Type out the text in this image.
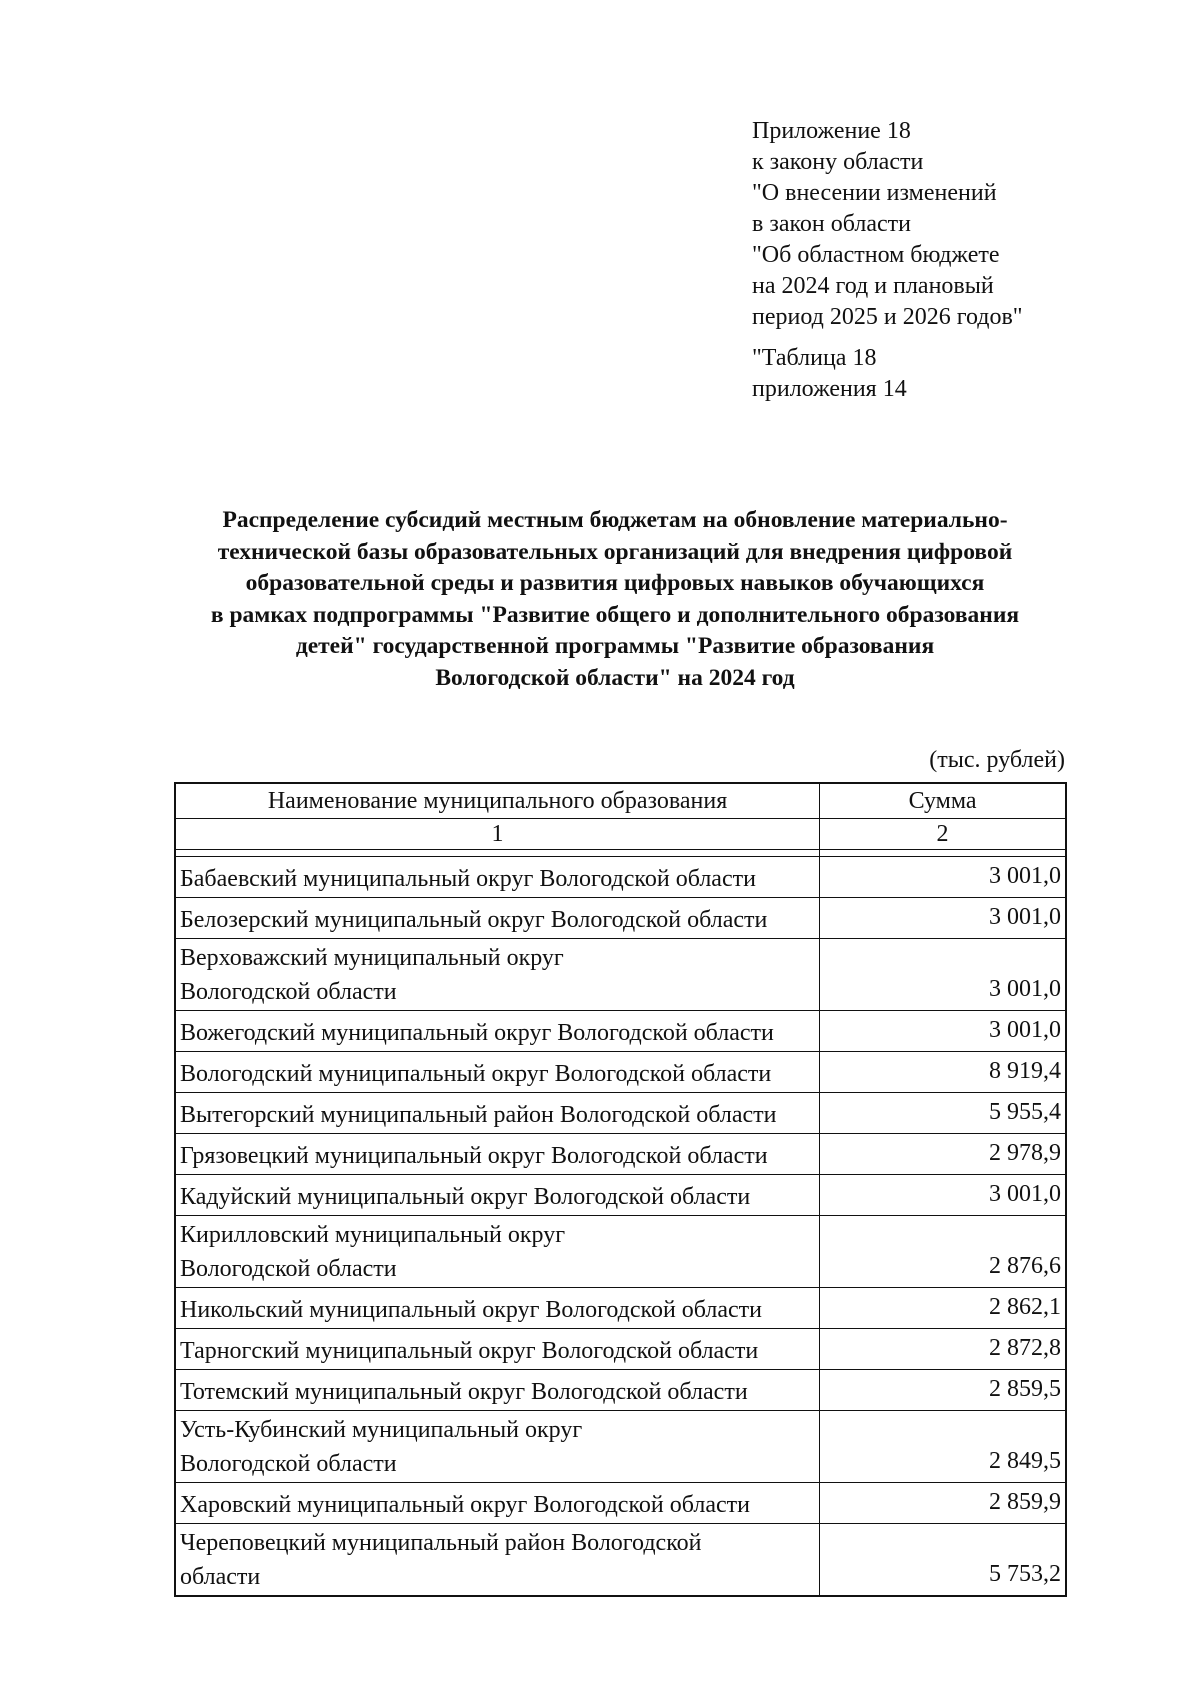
Приложение 18
к закону области
"О внесении изменений
в закон области
"Об областном бюджете
на 2024 год и плановый
период 2025 и 2026 годов"
"Таблица 18
приложения 14
Распределение субсидий местным бюджетам на обновление материально-
технической базы образовательных организаций для внедрения цифровой
образовательной среды и развития цифровых навыков обучающихся
в рамках подпрограммы "Развитие общего и дополнительного образования
детей" государственной программы "Развитие образования
Вологодской области" на 2024 год
(тыс. рублей)
Наименование муниципального образования	Сумма
1	2

Бабаевский муниципальный округ Вологодской области	3 001,0

Белозерский муниципальный округ Вологодской области	3 001,0

Верховажский муниципальный округ
Вологодской области	3 001,0

Вожегодский муниципальный округ Вологодской области	3 001,0

Вологодский муниципальный округ Вологодской области	8 919,4

Вытегорский муниципальный район Вологодской области	5 955,4

Грязовецкий муниципальный округ Вологодской области	2 978,9

Кадуйский муниципальный округ Вологодской области	3 001,0

Кирилловский муниципальный округ
Вологодской области	2 876,6

Никольский муниципальный округ Вологодской области	2 862,1

Тарногский муниципальный округ Вологодской области	2 872,8

Тотемский муниципальный округ Вологодской области	2 859,5

Усть-Кубинский муниципальный округ
Вологодской области	2 849,5

Харовский муниципальный округ Вологодской области	2 859,9

Череповецкий муниципальный район Вологодской
области	5 753,2
